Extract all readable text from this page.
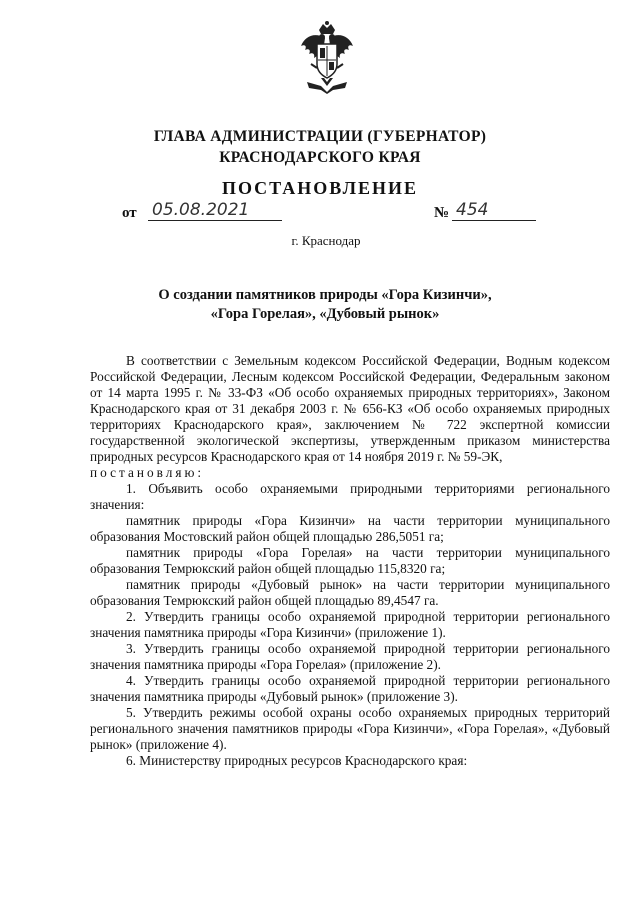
ГЛАВА АДМИНИСТРАЦИИ (ГУБЕРНАТОР)
КРАСНОДАРСКОГО КРАЯ
ПОСТАНОВЛЕНИЕ
от 05.08.2021	№ 454
г. Краснодар
О создании памятников природы «Гора Кизинчи»,
«Гора Горелая», «Дубовый рынок»

В соответствии с Земельным кодексом Российской Федерации, Водным кодексом Российской Федерации, Лесным кодексом Российской Федерации, Федеральным законом от 14 марта 1995 г. № 33-ФЗ «Об особо охраняемых природных территориях», Законом Краснодарского края от 31 декабря 2003 г. № 656-КЗ «Об особо охраняемых природных территориях Краснодарского края», заключением № 722 экспертной комиссии государственной экологической экспертизы, утвержденным приказом министерства природных ресурсов Краснодарского края от 14 ноября 2019 г. № 59-ЭК,

постановляю:

1. Объявить особо охраняемыми природными территориями регионального значения:

памятник природы «Гора Кизинчи» на части территории муниципального образования Мостовский район общей площадью 286,5051 га;

памятник природы «Гора Горелая» на части территории муниципального образования Темрюкский район общей площадью 115,8320 га;

памятник природы «Дубовый рынок» на части территории муниципального образования Темрюкский район общей площадью 89,4547 га.

2. Утвердить границы особо охраняемой природной территории регионального значения памятника природы «Гора Кизинчи» (приложение 1).

3. Утвердить границы особо охраняемой природной территории регионального значения памятника природы «Гора Горелая» (приложение 2).

4. Утвердить границы особо охраняемой природной территории регионального значения памятника природы «Дубовый рынок» (приложение 3).

5. Утвердить режимы особой охраны особо охраняемых природных территорий регионального значения памятников природы «Гора Кизинчи», «Гора Горелая», «Дубовый рынок» (приложение 4).

6. Министерству природных ресурсов Краснодарского края:
